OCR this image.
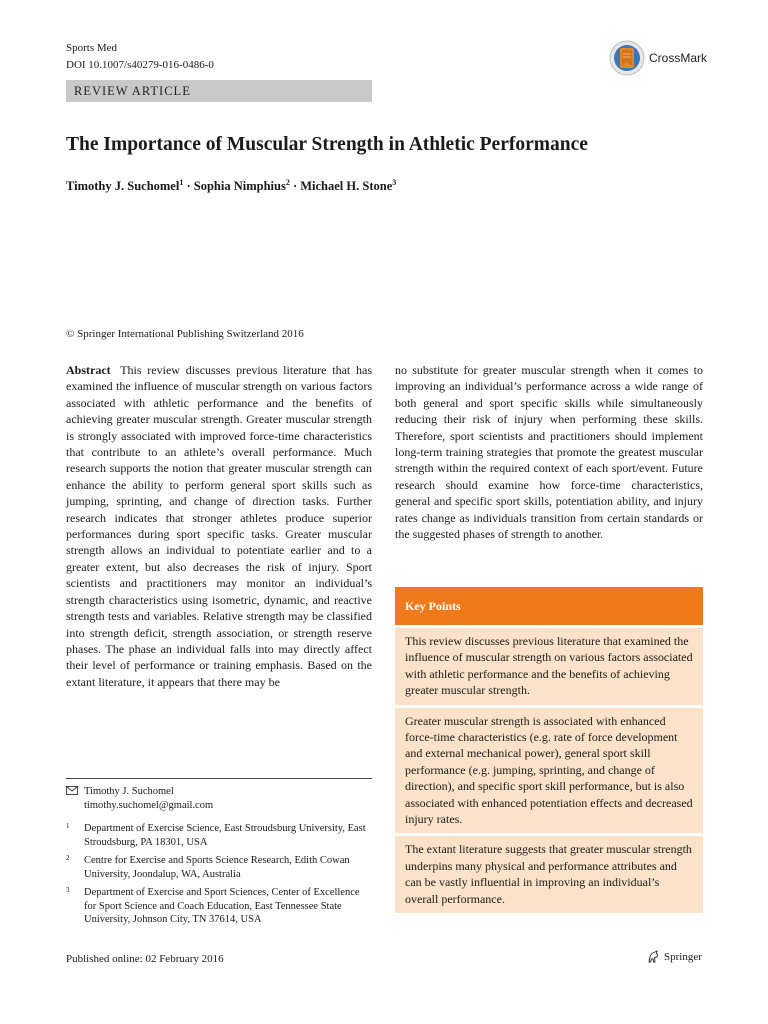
Sports Med
DOI 10.1007/s40279-016-0486-0	CrossMark
REVIEW ARTICLE
The Importance of Muscular Strength in Athletic Performance
Timothy J. Suchomel$^1$ · Sophia Nimphius$^2$ · Michael H. Stone$^3$
© Springer International Publishing Switzerland 2016
Abstract This review discusses previous literature that has examined the influence of muscular strength on various factors associated with athletic performance and the benefits of achieving greater muscular strength. Greater muscular strength is strongly associated with improved force-time characteristics that contribute to an athlete’s overall performance. Much research supports the notion that greater muscular strength can enhance the ability to perform general sport skills such as jumping, sprinting, and change of direction tasks. Further research indicates that stronger athletes produce superior performances during sport specific tasks. Greater muscular strength allows an individual to potentiate earlier and to a greater extent, but also decreases the risk of injury. Sport scientists and practitioners may monitor an individual’s strength characteristics using isometric, dynamic, and reactive strength tests and variables. Relative strength may be classified into strength deficit, strength association, or strength reserve phases. The phase an individual falls into may directly affect their level of performance or training emphasis. Based on the extant literature, it appears that there may be
no substitute for greater muscular strength when it comes to improving an individual’s performance across a wide range of both general and sport specific skills while simultaneously reducing their risk of injury when performing these skills. Therefore, sport scientists and practitioners should implement long-term training strategies that promote the greatest muscular strength within the required context of each sport/event. Future research should examine how force-time characteristics, general and specific sport skills, potentiation ability, and injury rates change as individuals transition from certain standards or the suggested phases of strength to another.
Key Points
This review discusses previous literature that examined the influence of muscular strength on various factors associated with athletic performance and the benefits of achieving greater muscular strength.
Greater muscular strength is associated with enhanced force-time characteristics (e.g. rate of force development and external mechanical power), general sport skill performance (e.g. jumping, sprinting, and change of direction), and specific sport skill performance, but is also associated with enhanced potentiation effects and decreased injury rates.
The extant literature suggests that greater muscular strength underpins many physical and performance attributes and can be vastly influential in improving an individual’s overall performance.
Timothy J. Suchomel
timothy.suchomel@gmail.com
1 Department of Exercise Science, East Stroudsburg University, East Stroudsburg, PA 18301, USA
2 Centre for Exercise and Sports Science Research, Edith Cowan University, Joondalup, WA, Australia
3 Department of Exercise and Sport Sciences, Center of Excellence for Sport Science and Coach Education, East Tennessee State University, Johnson City, TN 37614, USA
Published online: 02 February 2016	Springer
